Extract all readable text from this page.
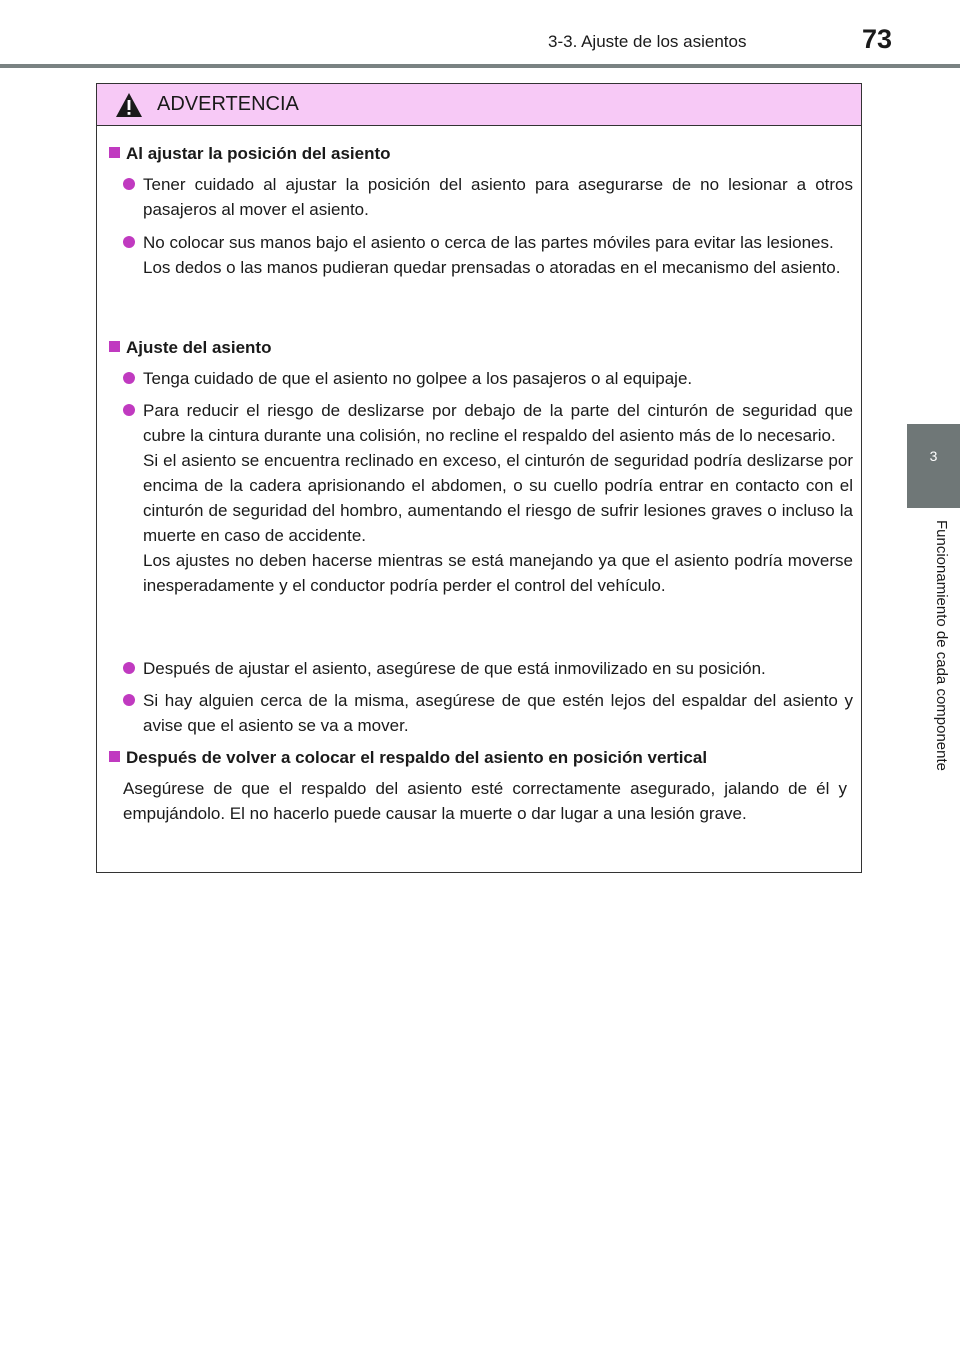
3-3. Ajuste de los asientos	73
3
Funcionamiento de cada componente
ADVERTENCIA
Al ajustar la posición del asiento

Tener cuidado al ajustar la posición del asiento para asegurarse de no lesionar a otros pasajeros al mover el asiento.

No colocar sus manos bajo el asiento o cerca de las partes móviles para evitar las lesiones.

Los dedos o las manos pudieran quedar prensadas o atoradas en el mecanismo del asiento.

Ajuste del asiento

Tenga cuidado de que el asiento no golpee a los pasajeros o al equipaje.

Para reducir el riesgo de deslizarse por debajo de la parte del cinturón de seguridad que cubre la cintura durante una colisión, no recline el respaldo del asiento más de lo necesario.

Si el asiento se encuentra reclinado en exceso, el cinturón de seguridad podría deslizarse por encima de la cadera aprisionando el abdomen, o su cuello podría entrar en contacto con el cinturón de seguridad del hombro, aumentando el riesgo de sufrir lesiones graves o incluso la muerte en caso de accidente.

Los ajustes no deben hacerse mientras se está manejando ya que el asiento podría moverse inesperadamente y el conductor podría perder el control del vehículo.

Después de ajustar el asiento, asegúrese de que está inmovilizado en su posición.

Si hay alguien cerca de la misma, asegúrese de que estén lejos del espaldar del asiento y avise que el asiento se va a mover.

Después de volver a colocar el respaldo del asiento en posición vertical
Asegúrese de que el respaldo del asiento esté correctamente asegurado, jalando de él y empujándolo. El no hacerlo puede causar la muerte o dar lugar a una lesión grave.
